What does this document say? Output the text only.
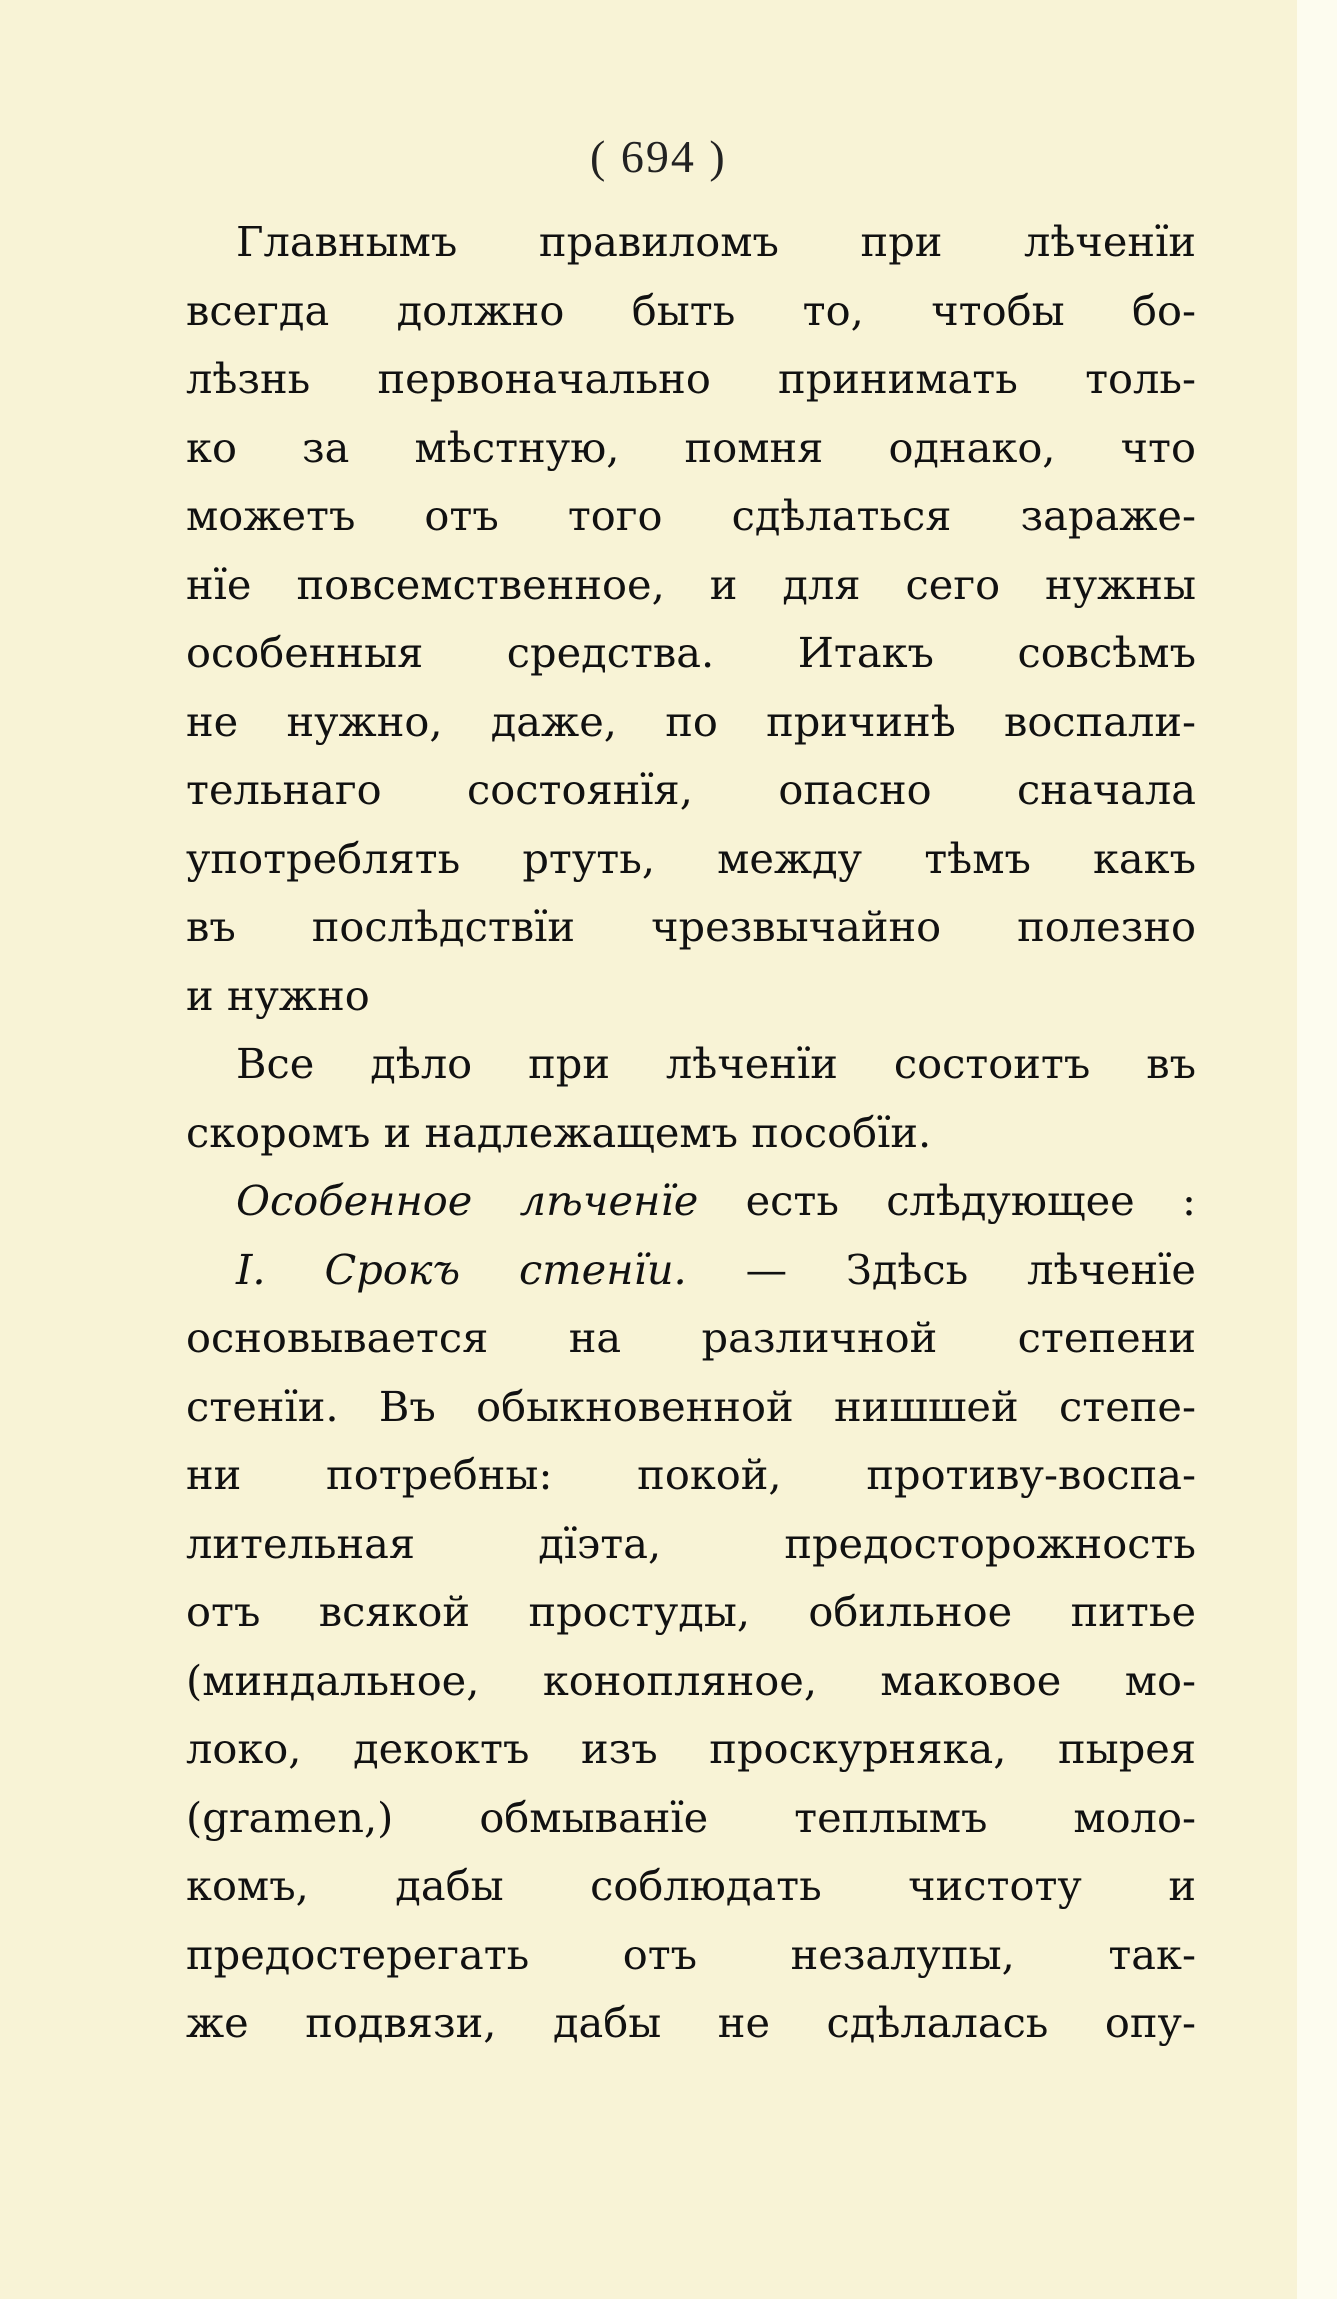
( 694 )
Главнымъ правиломъ при лѣченїи
всегда должно быть то, чтобы бо-
лѣзнь первоначально принимать толь-
ко за мѣстную, помня однако, что
можетъ отъ того сдѣлаться зараже-
нїе повсемственное, и для сего нужны
особенныя средства. Итакъ совсѣмъ
не нужно, даже, по причинѣ воспали-
тельнаго состоянїя, опасно сначала
употреблять ртуть, между тѣмъ какъ
въ послѣдствїи чрезвычайно полезно
и нужно
Все дѣло при лѣченїи состоитъ въ
скоромъ и надлежащемъ пособїи.
Особенное лѣченїе есть слѣдующее :
I. Срокъ стенїи. — Здѣсь лѣченїе
основывается на различной степени
стенїи. Въ обыкновенной нишшей степе-
ни потребны: покой, противу-воспа-
лительная дїэта, предосторожность
отъ всякой простуды, обильное питье
(миндальное, конопляное, маковое мо-
локо, декоктъ изъ проскурняка, пырея
(gramen,) обмыванїе теплымъ моло-
комъ, дабы соблюдать чистоту и
предостерегать отъ незалупы, так-
же подвязи, дабы не сдѣлалась опу-
